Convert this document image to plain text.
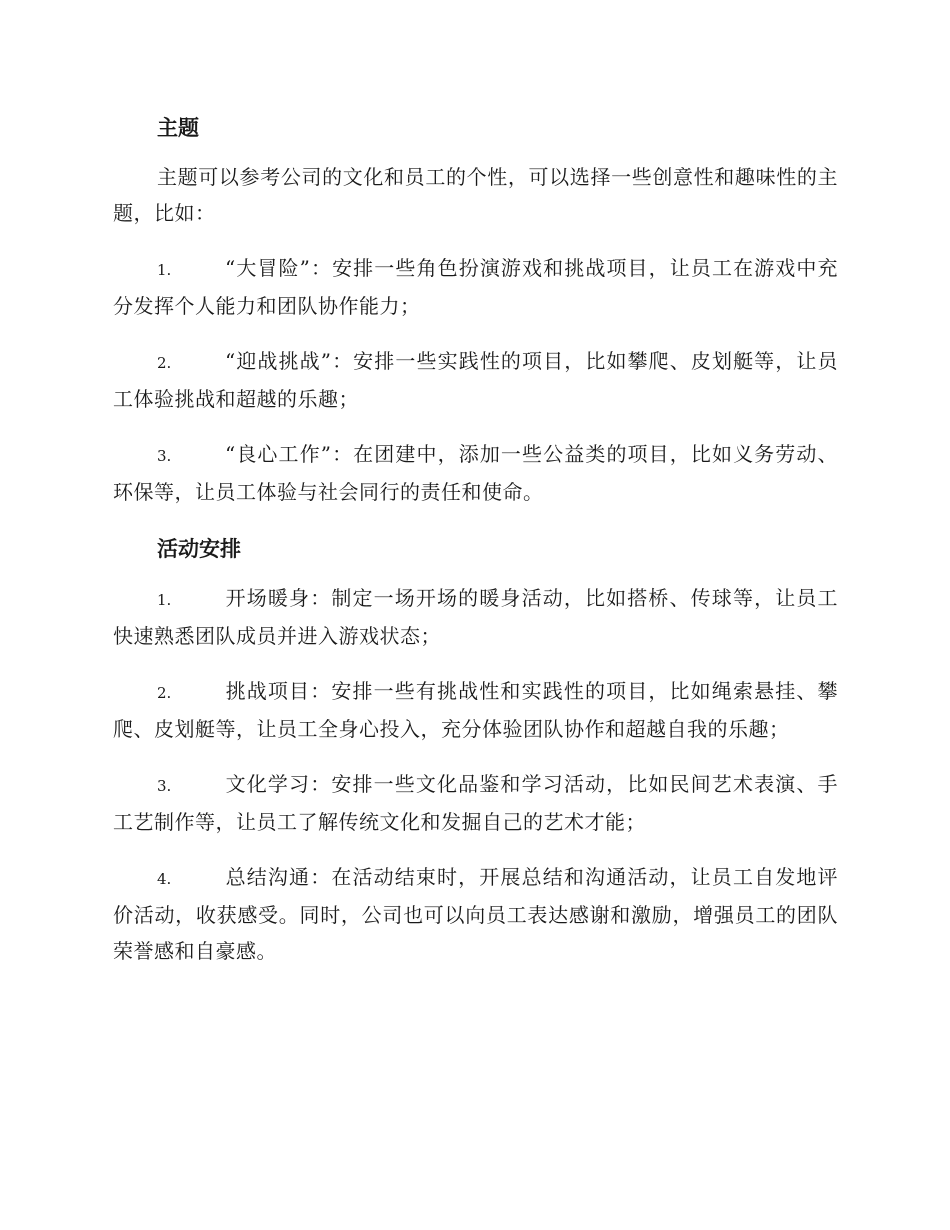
主题
主题可以参考公司的文化和员工的个性，可以选择一些创意性和趣味性的主题，比如：
1.	“大冒险”：安排一些角色扮演游戏和挑战项目，让员工在游戏中充分发挥个人能力和团队协作能力；
2.	“迎战挑战”：安排一些实践性的项目，比如攀爬、皮划艇等，让员工体验挑战和超越的乐趣；
3.	“良心工作”：在团建中，添加一些公益类的项目，比如义务劳动、环保等，让员工体验与社会同行的责任和使命。
活动安排
1.	开场暖身：制定一场开场的暖身活动，比如搭桥、传球等，让员工快速熟悉团队成员并进入游戏状态；
2.	挑战项目：安排一些有挑战性和实践性的项目，比如绳索悬挂、攀爬、皮划艇等，让员工全身心投入，充分体验团队协作和超越自我的乐趣；
3.	文化学习：安排一些文化品鉴和学习活动，比如民间艺术表演、手工艺制作等，让员工了解传统文化和发掘自己的艺术才能；
4.	总结沟通：在活动结束时，开展总结和沟通活动，让员工自发地评价活动，收获感受。同时，公司也可以向员工表达感谢和激励，增强员工的团队荣誉感和自豪感。
